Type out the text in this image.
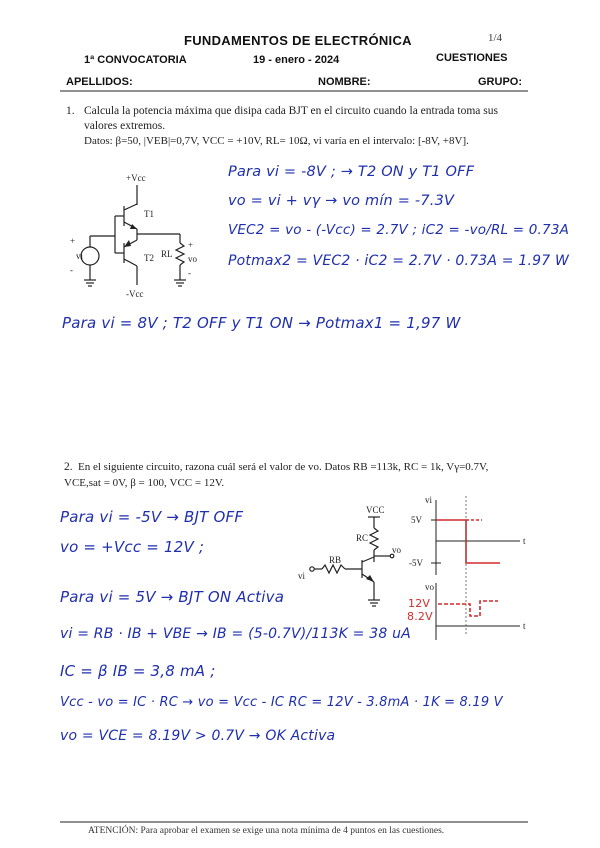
FUNDAMENTOS DE ELECTRÓNICA	1/4
1ª CONVOCATORIA	19 - enero - 2024	CUESTIONES
APELLIDOS:	NOMBRE:	GRUPO:
1. Calcula la potencia máxima que disipa cada BJT en el circuito cuando la entrada toma sus
valores extremos.
Datos: β=50, |VEB|=0,7V, VCC = +10V, RL= 10Ω, vi varía en el intervalo: [-8V, +8V].
+Vcc
T1
T2 RL
vi	vo
+
-
+
-
-Vcc
Para vi = -8V ; → T2 ON y T1 OFF
vo = vi + vγ → vo mín = -7.3V
VEC2 = vo - (-Vcc) = 2.7V ; iC2 = -vo/RL = 0.73A
Potmax2 = VEC2 · iC2 = 2.7V · 0.73A = 1.97 W
Para vi = 8V ; T2 OFF y T1 ON → Potmax1 = 1,97 W
2. En el siguiente circuito, razona cuál será el valor de vo. Datos RB =113k, RC = 1k, Vγ=0.7V,
VCE,sat = 0V, β = 100, VCC = 12V.
VCC
RC
RB
vi
vo
vi
t
5V
-5V
vo
t
12V
8.2V
Para vi = -5V → BJT OFF
vo = +Vcc = 12V ;
Para vi = 5V → BJT ON Activa
vi = RB · IB + VBE → IB = (5-0.7V)/113K = 38 uA
IC = β IB = 3,8 mA ;
Vcc - vo = IC · RC → vo = Vcc - IC RC = 12V - 3.8mA · 1K = 8.19 V
vo = VCE = 8.19V > 0.7V → OK Activa
ATENCIÓN: Para aprobar el examen se exige una nota mínima de 4 puntos en las cuestiones.
